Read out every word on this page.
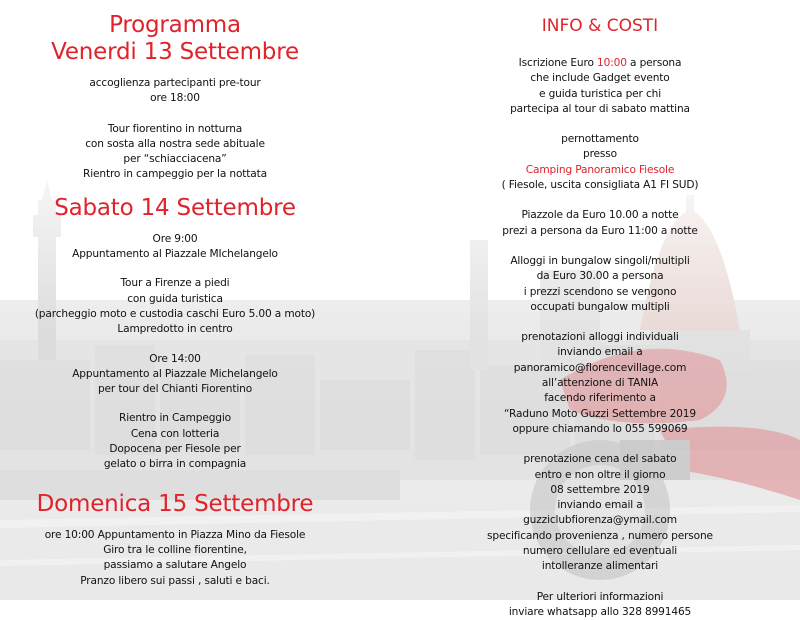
Programma
Venerdi 13 Settembre
accoglienza partecipanti pre-tour
ore 18:00
Tour fiorentino in notturna
con sosta alla nostra sede abituale
per “schiacciacena”
Rientro in campeggio per la nottata
Sabato 14 Settembre
Ore 9:00
Appuntamento al Piazzale MIchelangelo
Tour a Firenze a piedi
con guida turistica
(parcheggio moto e custodia caschi Euro 5.00 a moto)
Lampredotto in centro
Ore 14:00
Appuntamento al Piazzale Michelangelo
per tour del Chianti Fiorentino
Rientro in Campeggio
Cena con lotteria
Dopocena per Fiesole per
gelato o birra in compagnia
Domenica 15 Settembre
ore 10:00 Appuntamento in Piazza Mino da Fiesole
Giro tra le colline fiorentine,
passiamo a salutare Angelo
Pranzo libero sui passi , saluti e baci.
INFO & COSTI
Iscrizione Euro 10:00 a persona
che include Gadget evento
e guida turistica per chi
partecipa al tour di sabato mattina
pernottamento
presso
Camping Panoramico Fiesole
( Fiesole, uscita consigliata A1 FI SUD)
Piazzole da Euro 10.00 a notte
prezi a persona da Euro 11:00 a notte
Alloggi in bungalow singoli/multipli
da Euro 30.00 a persona
i prezzi scendono se vengono
occupati bungalow multipli
prenotazioni alloggi individuali
inviando email a
panoramico@florencevillage.com
all’attenzione di TANIA
facendo riferimento a
“Raduno Moto Guzzi Settembre 2019
oppure chiamando lo 055 599069
prenotazione cena del sabato
entro e non oltre il giorno
08 settembre 2019
inviando email a
guzziclubfiorenza@ymail.com
specificando provenienza , numero persone
numero cellulare ed eventuali
intolleranze alimentari
Per ulteriori informazioni
inviare whatsapp allo 328 8991465
